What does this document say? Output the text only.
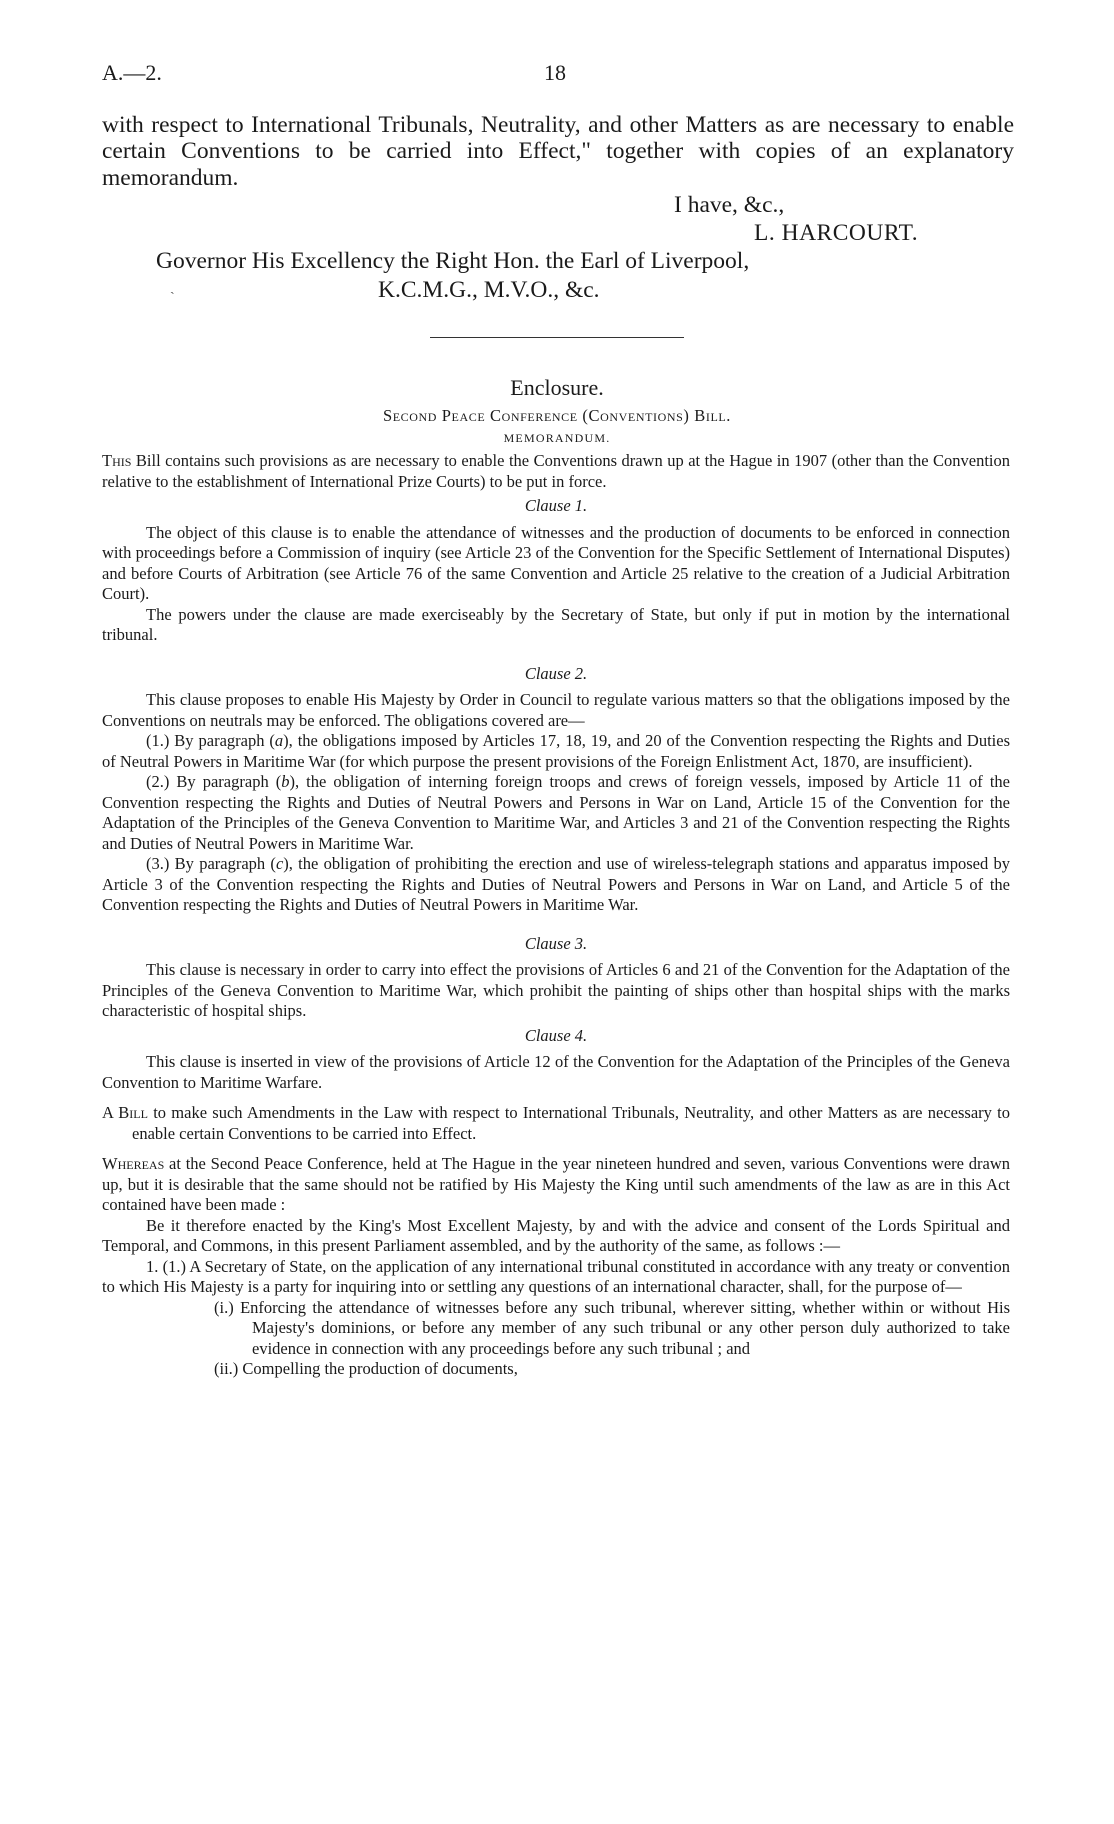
A.—2.	18

with respect to International Tribunals, Neutrality, and other Matters as are necessary to enable certain Conventions to be carried into Effect," together with copies of an explanatory memorandum.

I have, &c.,
L. HARCOURT.
Governor His Excellency the Right Hon. the Earl of Liverpool,
ˏ	K.C.M.G., M.V.O., &c.
Enclosure.
Second Peace Conference (Conventions) Bill.
MEMORANDUM.

This Bill contains such provisions as are necessary to enable the Conventions drawn up at the Hague in 1907 (other than the Convention relative to the establishment of International Prize Courts) to be put in force.

Clause 1.

The object of this clause is to enable the attendance of witnesses and the production of documents to be enforced in connection with proceedings before a Commission of inquiry (see Article 23 of the Convention for the Specific Settlement of International Disputes) and before Courts of Arbitration (see Article 76 of the same Convention and Article 25 relative to the creation of a Judicial Arbitration Court).

The powers under the clause are made exerciseably by the Secretary of State, but only if put in motion by the international tribunal.

Clause 2.

This clause proposes to enable His Majesty by Order in Council to regulate various matters so that the obligations imposed by the Conventions on neutrals may be enforced. The obligations covered are—

(1.) By paragraph (a), the obligations imposed by Articles 17, 18, 19, and 20 of the Convention respecting the Rights and Duties of Neutral Powers in Maritime War (for which purpose the present provisions of the Foreign Enlistment Act, 1870, are insufficient).

(2.) By paragraph (b), the obligation of interning foreign troops and crews of foreign vessels, imposed by Article 11 of the Convention respecting the Rights and Duties of Neutral Powers and Persons in War on Land, Article 15 of the Convention for the Adaptation of the Principles of the Geneva Convention to Maritime War, and Articles 3 and 21 of the Convention respecting the Rights and Duties of Neutral Powers in Maritime War.

(3.) By paragraph (c), the obligation of prohibiting the erection and use of wireless-telegraph stations and apparatus imposed by Article 3 of the Convention respecting the Rights and Duties of Neutral Powers and Persons in War on Land, and Article 5 of the Convention respecting the Rights and Duties of Neutral Powers in Maritime War.

Clause 3.

This clause is necessary in order to carry into effect the provisions of Articles 6 and 21 of the Convention for the Adaptation of the Principles of the Geneva Convention to Maritime War, which prohibit the painting of ships other than hospital ships with the marks characteristic of hospital ships.

Clause 4.

This clause is inserted in view of the provisions of Article 12 of the Convention for the Adaptation of the Principles of the Geneva Convention to Maritime Warfare.

A Bill to make such Amendments in the Law with respect to International Tribunals, Neutrality, and other Matters as are necessary to enable certain Conventions to be carried into Effect.

Whereas at the Second Peace Conference, held at The Hague in the year nineteen hundred and seven, various Conventions were drawn up, but it is desirable that the same should not be ratified by His Majesty the King until such amendments of the law as are in this Act contained have been made :

Be it therefore enacted by the King's Most Excellent Majesty, by and with the advice and consent of the Lords Spiritual and Temporal, and Commons, in this present Parliament assembled, and by the authority of the same, as follows :—

1. (1.) A Secretary of State, on the application of any international tribunal constituted in accordance with any treaty or convention to which His Majesty is a party for inquiring into or settling any questions of an international character, shall, for the purpose of—

(i.) Enforcing the attendance of witnesses before any such tribunal, wherever sitting, whether within or without His Majesty's dominions, or before any member of any such tribunal or any other person duly authorized to take evidence in connection with any proceedings before any such tribunal ; and

(ii.) Compelling the production of documents,
